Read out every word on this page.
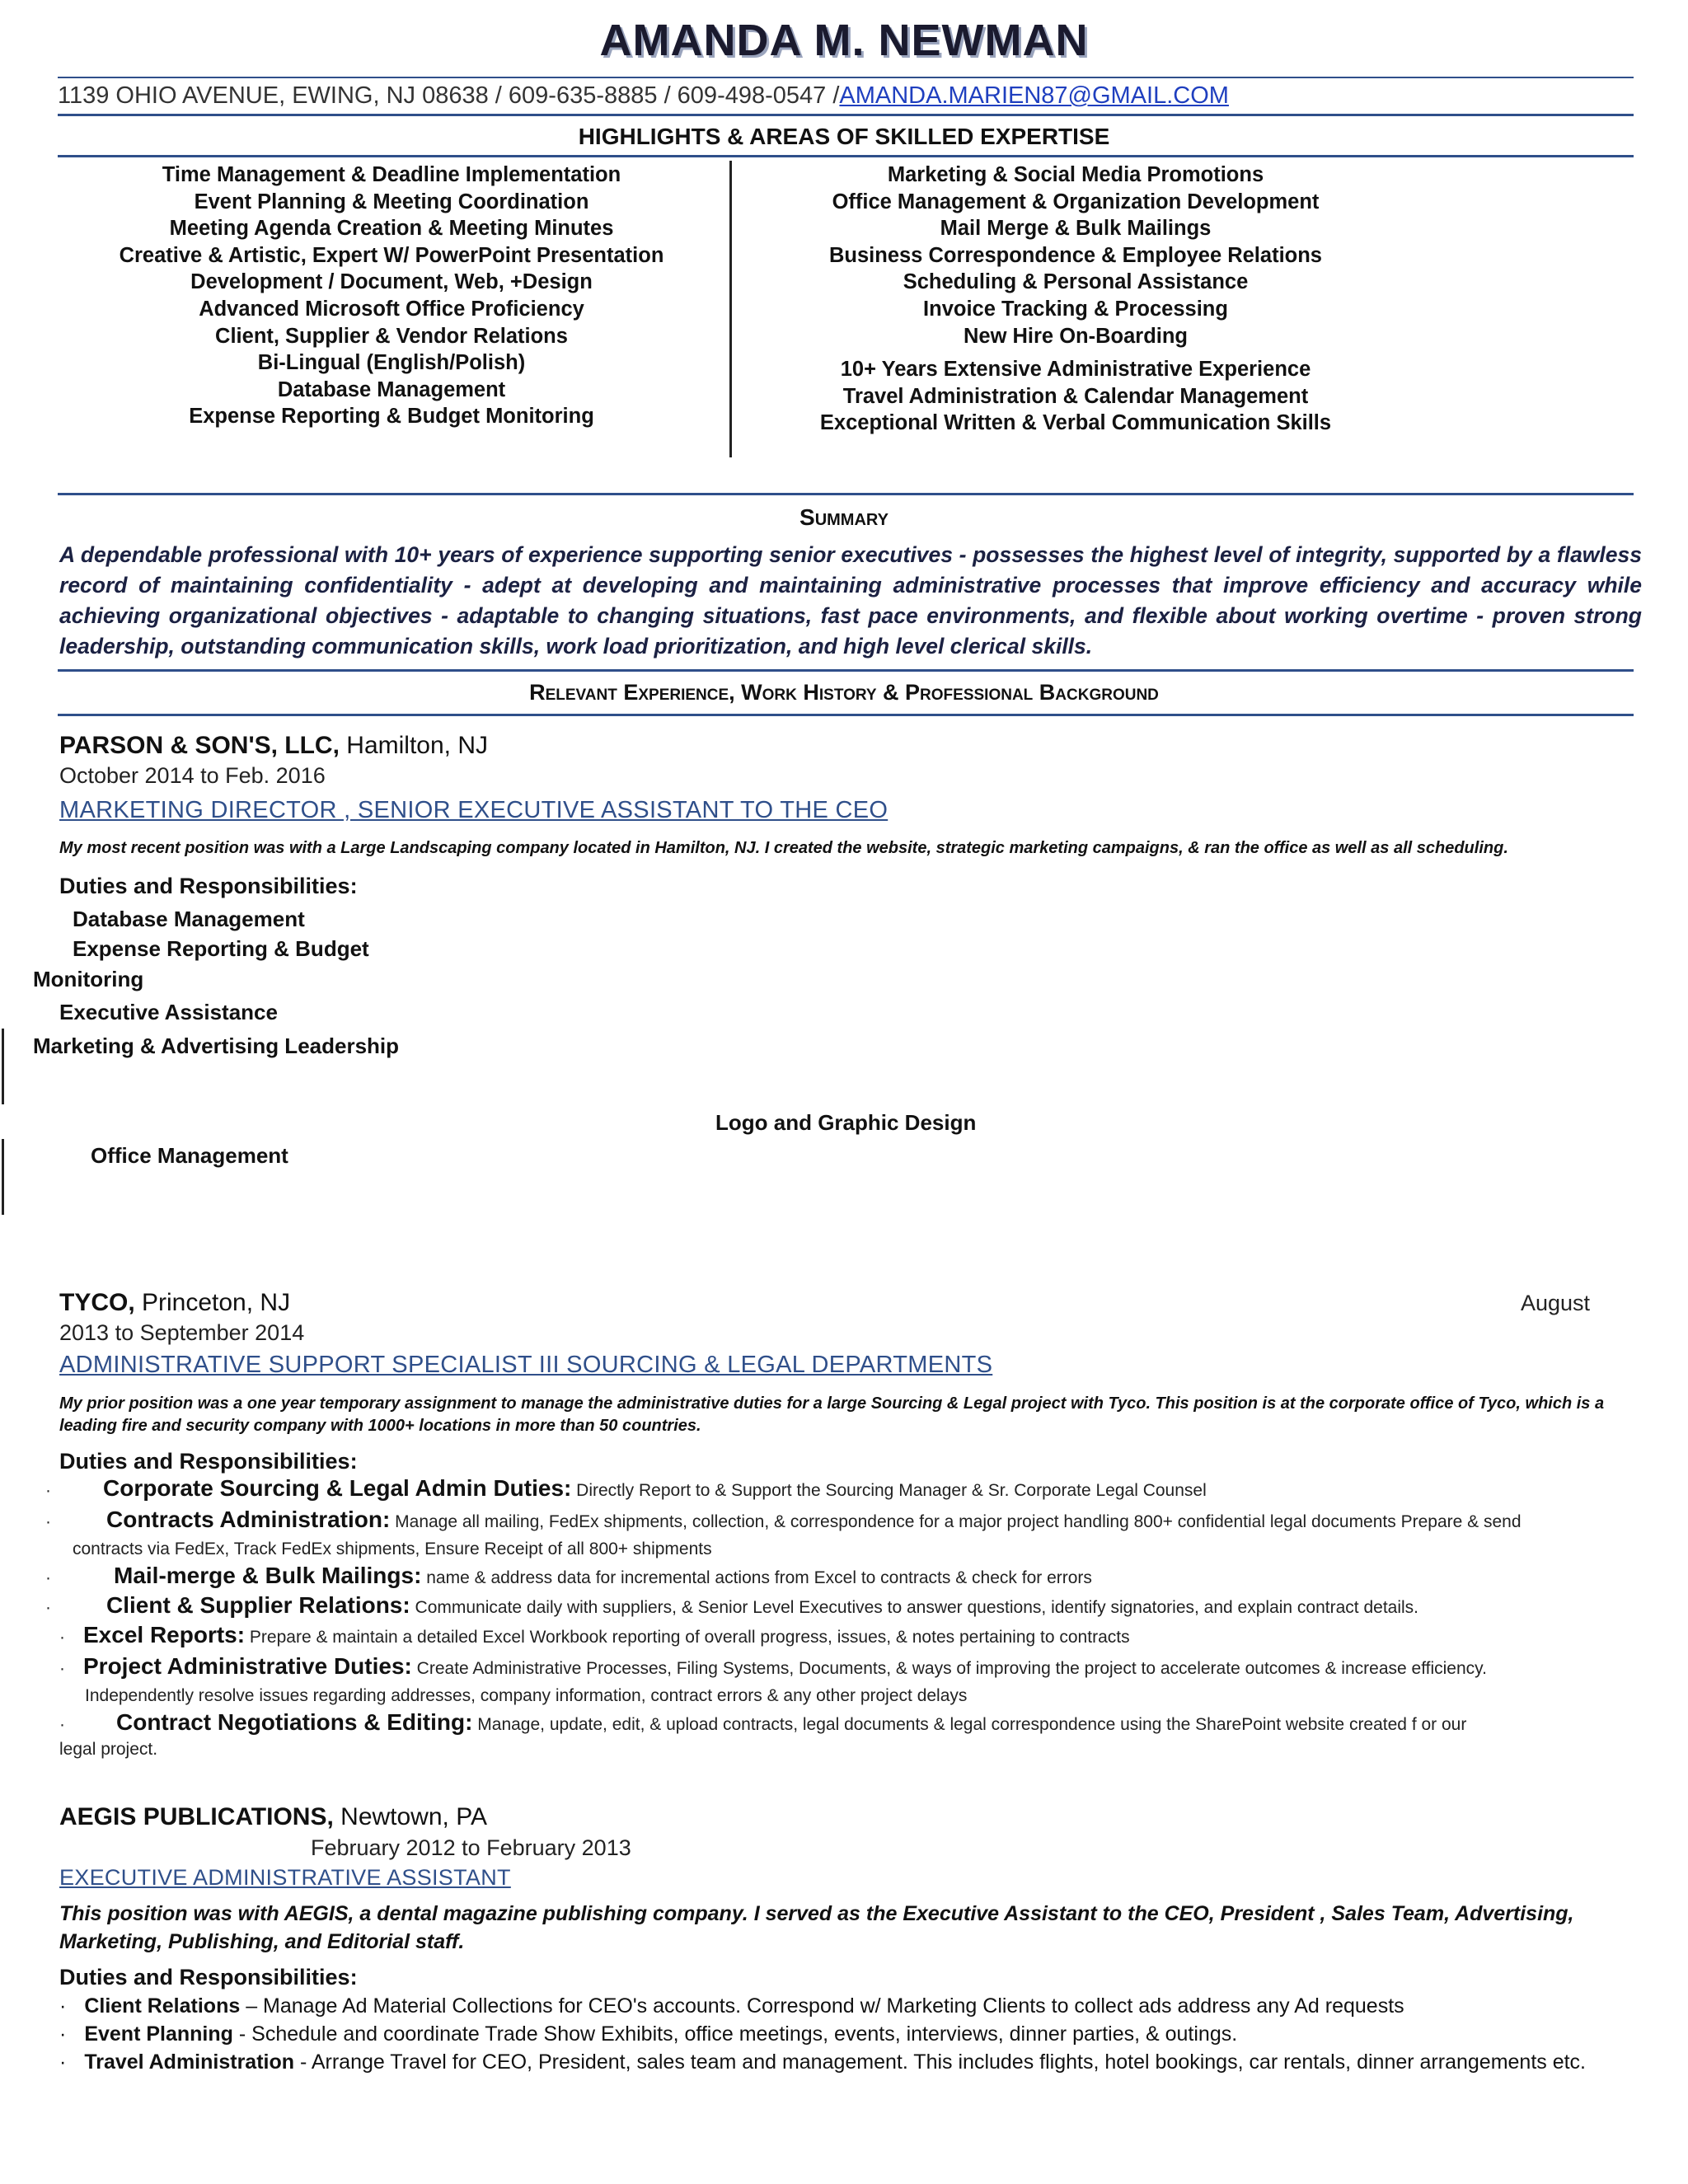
AMANDA M. NEWMAN
1139 OHIO AVENUE, EWING, NJ 08638 / 609-635-8885 / 609-498-0547 /AMANDA.MARIEN87@GMAIL.COM
HIGHLIGHTS & AREAS OF SKILLED EXPERTISE
Time Management & Deadline Implementation
Event Planning & Meeting Coordination
Meeting Agenda Creation & Meeting Minutes
Creative & Artistic, Expert W/ PowerPoint Presentation
Development / Document, Web, +Design
Advanced Microsoft Office Proficiency
Client, Supplier & Vendor Relations
Bi-Lingual (English/Polish)
Database Management
Expense Reporting & Budget Monitoring
Marketing & Social Media Promotions
Office Management & Organization Development
Mail Merge & Bulk Mailings
Business Correspondence & Employee Relations
Scheduling & Personal Assistance
Invoice Tracking & Processing
New Hire On-Boarding
10+ Years Extensive Administrative Experience
Travel Administration & Calendar Management
Exceptional Written & Verbal Communication Skills
Summary
A dependable professional with 10+ years of experience supporting senior executives - possesses the highest level of integrity, supported by a flawless record of maintaining confidentiality - adept at developing and maintaining administrative processes that improve efficiency and accuracy while achieving organizational objectives - adaptable to changing situations, fast pace environments, and flexible about working overtime - proven strong leadership, outstanding communication skills, work load prioritization, and high level clerical skills.
Relevant Experience, Work History & Professional Background
PARSON & SON'S, LLC, Hamilton, NJ
October 2014 to Feb. 2016
MARKETING DIRECTOR , SENIOR EXECUTIVE ASSISTANT TO THE CEO
My most recent position was with a Large Landscaping company located in Hamilton, NJ. I created the website, strategic marketing campaigns, & ran the office as well as all scheduling.
Duties and Responsibilities:
Database Management
Expense Reporting & Budget
Monitoring
Executive Assistance
Marketing & Advertising Leadership
Logo and Graphic Design
Office Management
TYCO, Princeton, NJ	August
2013 to September 2014
ADMINISTRATIVE SUPPORT SPECIALIST III SOURCING & LEGAL DEPARTMENTS
My prior position was a one year temporary assignment to manage the administrative duties for a large Sourcing & Legal project with Tyco. This position is at the corporate office of Tyco, which is a leading fire and security company with 1000+ locations in more than 50 countries.
Duties and Responsibilities:
· Corporate Sourcing & Legal Admin Duties: Directly Report to & Support the Sourcing Manager & Sr. Corporate Legal Counsel
· Contracts Administration: Manage all mailing, FedEx shipments, collection, & correspondence for a major project handling 800+ confidential legal documents Prepare & send
contracts via FedEx, Track FedEx shipments, Ensure Receipt of all 800+ shipments
·	Mail-merge & Bulk Mailings: name & address data for incremental actions from Excel to contracts & check for errors
· Client & Supplier Relations: Communicate daily with suppliers, & Senior Level Executives to answer questions, identify signatories, and explain contract details.
· Excel Reports: Prepare & maintain a detailed Excel Workbook reporting of overall progress, issues, & notes pertaining to contracts
· Project Administrative Duties: Create Administrative Processes, Filing Systems, Documents, & ways of improving the project to accelerate outcomes & increase efficiency.
Independently resolve issues regarding addresses, company information, contract errors & any other project delays
· Contract Negotiations & Editing: Manage, update, edit, & upload contracts, legal documents & legal correspondence using the SharePoint website created f or our
legal project.
AEGIS PUBLICATIONS, Newtown, PA
February 2012 to February 2013
EXECUTIVE ADMINISTRATIVE ASSISTANT
This position was with AEGIS, a dental magazine publishing company. I served as the Executive Assistant to the CEO, President , Sales Team, Advertising, Marketing, Publishing, and Editorial staff.
Duties and Responsibilities:
· Client Relations – Manage Ad Material Collections for CEO's accounts. Correspond w/ Marketing Clients to collect ads address any Ad requests
· Event Planning - Schedule and coordinate Trade Show Exhibits, office meetings, events, interviews, dinner parties, & outings.
· Travel Administration - Arrange Travel for CEO, President, sales team and management. This includes flights, hotel bookings, car rentals, dinner arrangements etc.
